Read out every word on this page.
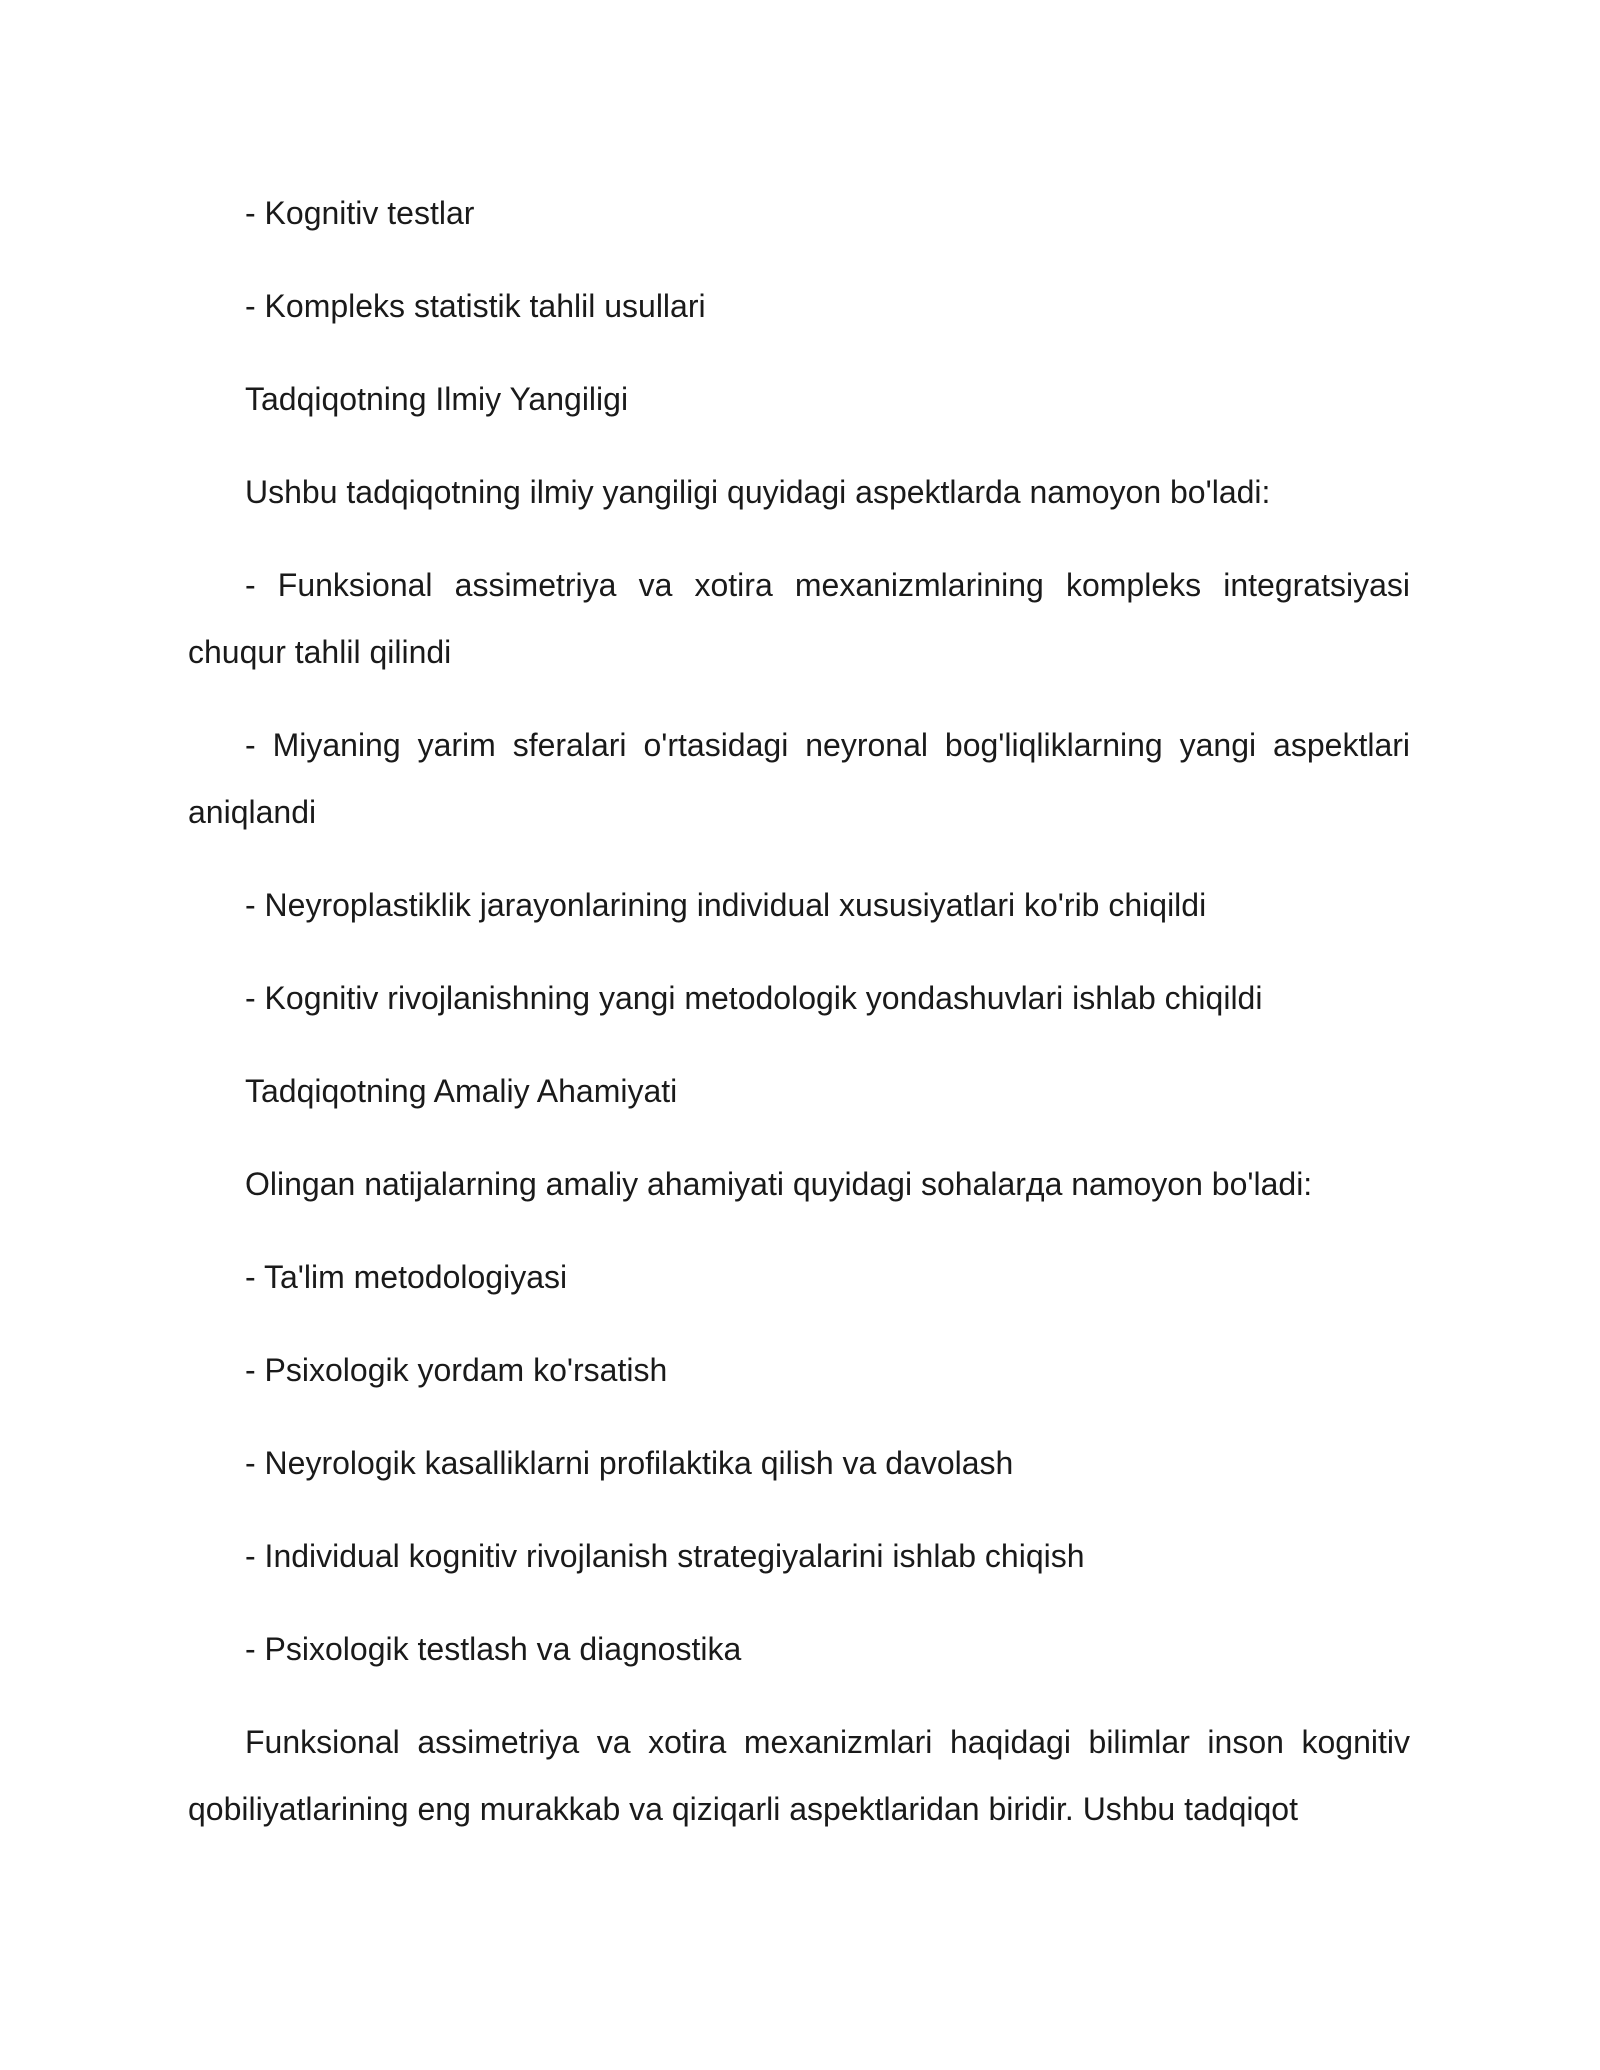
- Kognitiv testlar

- Kompleks statistik tahlil usullari

Tadqiqotning Ilmiy Yangiligi

Ushbu tadqiqotning ilmiy yangiligi quyidagi aspektlarda namoyon bo'ladi:

- Funksional assimetriya va xotira mexanizmlarining kompleks integratsiyasi chuqur tahlil qilindi

- Miyaning yarim sferalari o'rtasidagi neyronal bog'liqliklarning yangi aspektlari aniqlandi

- Neyroplastiklik jarayonlarining individual xususiyatlari ko'rib chiqildi

- Kognitiv rivojlanishning yangi metodologik yondashuvlari ishlab chiqildi

Tadqiqotning Amaliy Ahamiyati

Olingan natijalarning amaliy ahamiyati quyidagi sohalarда namoyon bo'ladi:

- Ta'lim metodologiyasi

- Psixologik yordam ko'rsatish

- Neyrologik kasalliklarni profilaktika qilish va davolash

- Individual kognitiv rivojlanish strategiyalarini ishlab chiqish

- Psixologik testlash va diagnostika

Funksional assimetriya va xotira mexanizmlari haqidagi bilimlar inson kognitiv qobiliyatlarining eng murakkab va qiziqarli aspektlaridan biridir. Ushbu tadqiqot
